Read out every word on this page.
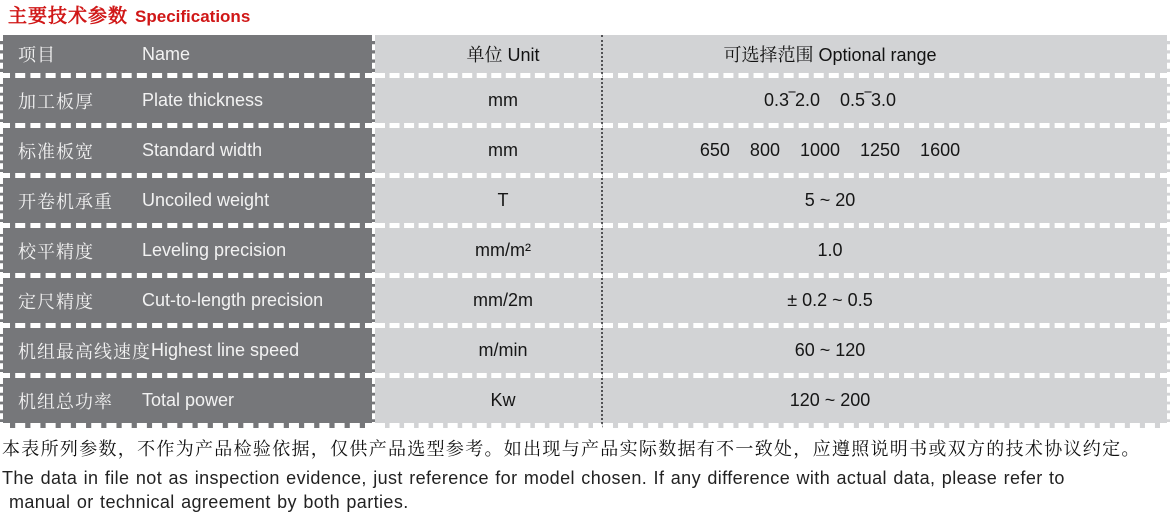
主要技术参数 Specifications
项目	Name	单位 Unit	可选择范围 Optional range
加工板厚	Plate thickness	mm	0.3‾2.0    0.5‾3.0
标准板宽	Standard width	mm	650    800    1000    1250    1600
开卷机承重	Uncoiled weight	T	5 ~ 20
校平精度	Leveling precision	mm/m²	1.0
定尺精度	Cut-to-length precision	mm/2m	± 0.2 ~ 0.5
机组最高线速度 Highest line speed	m/min	60 ~ 120
机组总功率	Total power	Kw	120 ~ 200
本表所列参数，不作为产品检验依据，仅供产品选型参考。如出现与产品实际数据有不一致处，应遵照说明书或双方的技术协议约定。
The data in file not as inspection evidence, just reference for model chosen. If any difference with actual data, please refer to
manual or technical agreement by both parties.
